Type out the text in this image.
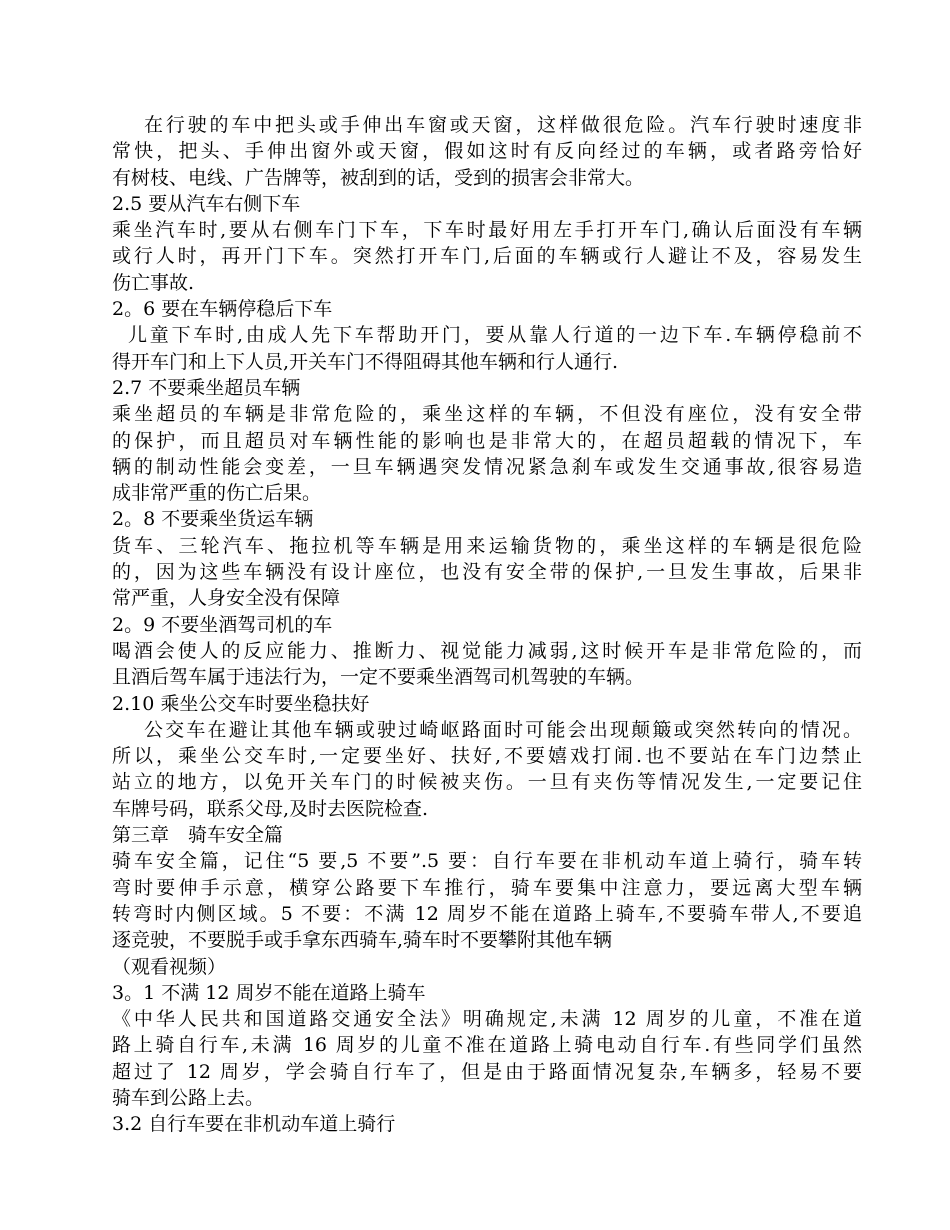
在行驶的车中把头或手伸出车窗或天窗，这样做很危险。汽车行驶时速度非
常快，把头、手伸出窗外或天窗，假如这时有反向经过的车辆，或者路旁恰好
有树枝、电线、广告牌等，被刮到的话，受到的损害会非常大。
2.5 要从汽车右侧下车
乘坐汽车时,要从右侧车门下车，下车时最好用左手打开车门,确认后面没有车辆
或行人时，再开门下车。突然打开车门,后面的车辆或行人避让不及，容易发生
伤亡事故.
2。6 要在车辆停稳后下车
儿童下车时,由成人先下车帮助开门，要从靠人行道的一边下车.车辆停稳前不
得开车门和上下人员,开关车门不得阻碍其他车辆和行人通行.
2.7 不要乘坐超员车辆
乘坐超员的车辆是非常危险的，乘坐这样的车辆，不但没有座位，没有安全带
的保护，而且超员对车辆性能的影响也是非常大的，在超员超载的情况下，车
辆的制动性能会变差，一旦车辆遇突发情况紧急刹车或发生交通事故,很容易造
成非常严重的伤亡后果。
2。8 不要乘坐货运车辆
货车、三轮汽车、拖拉机等车辆是用来运输货物的，乘坐这样的车辆是很危险
的，因为这些车辆没有设计座位，也没有安全带的保护,一旦发生事故，后果非
常严重，人身安全没有保障
2。9 不要坐酒驾司机的车
喝酒会使人的反应能力、推断力、视觉能力减弱,这时候开车是非常危险的，而
且酒后驾车属于违法行为，一定不要乘坐酒驾司机驾驶的车辆。
2.10 乘坐公交车时要坐稳扶好
公交车在避让其他车辆或驶过崎岖路面时可能会出现颠簸或突然转向的情况。
所以，乘坐公交车时,一定要坐好、扶好,不要嬉戏打闹.也不要站在车门边禁止
站立的地方，以免开关车门的时候被夹伤。一旦有夹伤等情况发生,一定要记住
车牌号码，联系父母,及时去医院检查.
第三章　骑车安全篇
骑车安全篇，记住“5 要,5 不要”.5 要：自行车要在非机动车道上骑行，骑车转
弯时要伸手示意，横穿公路要下车推行，骑车要集中注意力，要远离大型车辆
转弯时内侧区域。5 不要：不满 12 周岁不能在道路上骑车,不要骑车带人,不要追
逐竞驶，不要脱手或手拿东西骑车,骑车时不要攀附其他车辆
（观看视频）
3。1 不满 12 周岁不能在道路上骑车
《中华人民共和国道路交通安全法》明确规定,未满 12 周岁的儿童，不准在道
路上骑自行车,未满 16 周岁的儿童不准在道路上骑电动自行车.有些同学们虽然
超过了 12 周岁，学会骑自行车了，但是由于路面情况复杂,车辆多，轻易不要
骑车到公路上去。
3.2 自行车要在非机动车道上骑行
